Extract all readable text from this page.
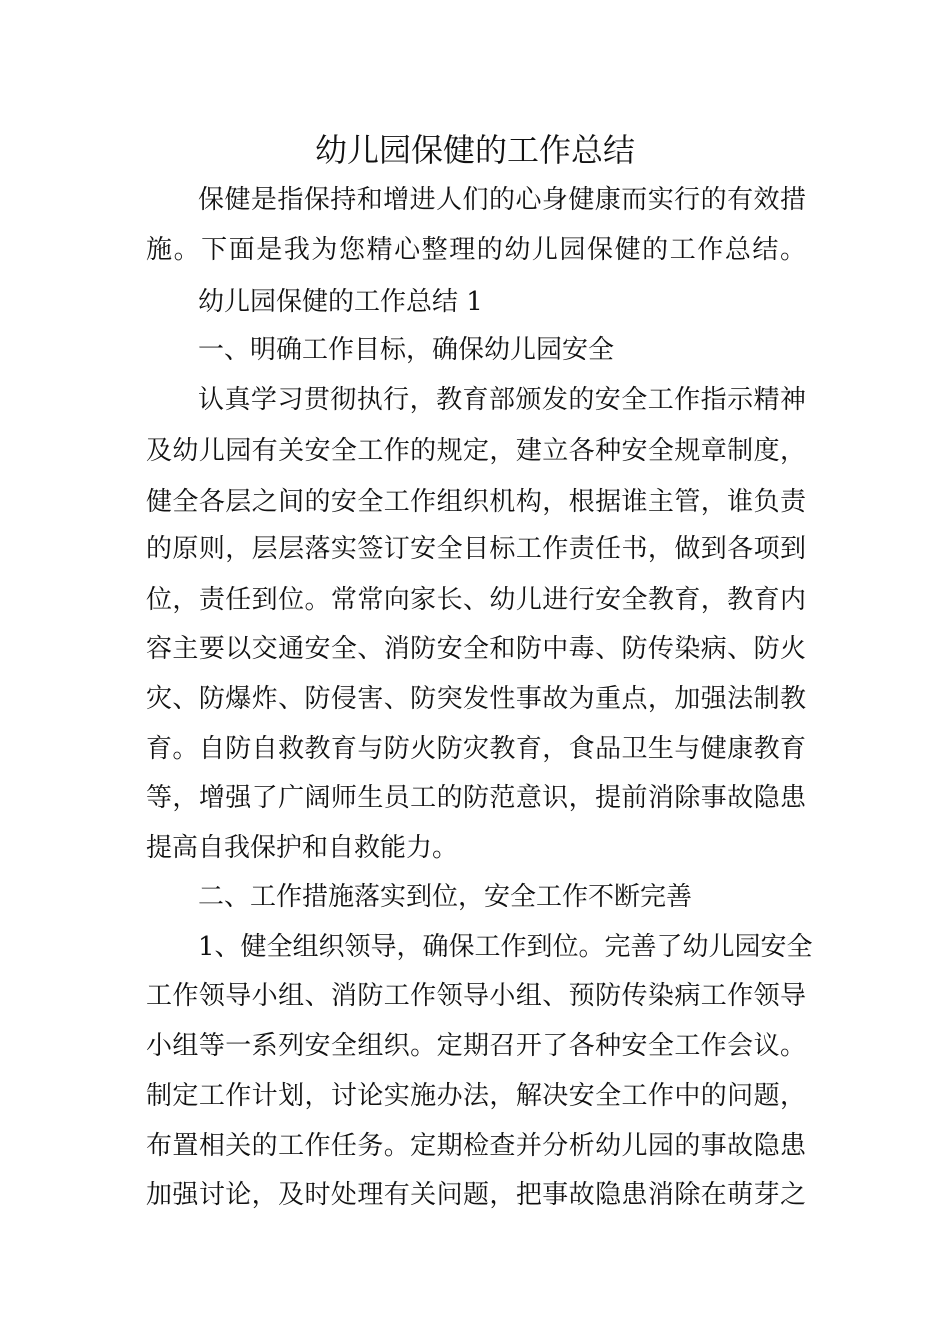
幼儿园保健的工作总结
保健是指保持和增进人们的心身健康而实行的有效措
施。下面是我为您精心整理的幼儿园保健的工作总结。
幼儿园保健的工作总结 1
一、明确工作目标，确保幼儿园安全
认真学习贯彻执行，教育部颁发的安全工作指示精神
及幼儿园有关安全工作的规定，建立各种安全规章制度，
健全各层之间的安全工作组织机构，根据谁主管，谁负责
的原则，层层落实签订安全目标工作责任书，做到各项到
位，责任到位。常常向家长、幼儿进行安全教育，教育内
容主要以交通安全、消防安全和防中毒、防传染病、防火
灾、防爆炸、防侵害、防突发性事故为重点，加强法制教
育。自防自救教育与防火防灾教育，食品卫生与健康教育
等，增强了广阔师生员工的防范意识，提前消除事故隐患
提高自我保护和自救能力。
二、工作措施落实到位，安全工作不断完善
1、健全组织领导，确保工作到位。完善了幼儿园安全
工作领导小组、消防工作领导小组、预防传染病工作领导
小组等一系列安全组织。定期召开了各种安全工作会议。
制定工作计划，讨论实施办法，解决安全工作中的问题，
布置相关的工作任务。定期检查并分析幼儿园的事故隐患
加强讨论，及时处理有关问题，把事故隐患消除在萌芽之
